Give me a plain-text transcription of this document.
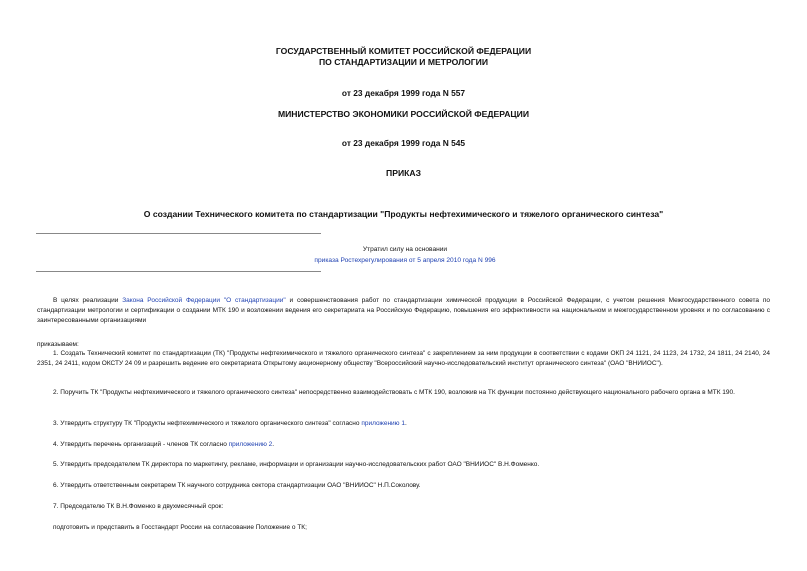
ГОСУДАРСТВЕННЫЙ КОМИТЕТ РОССИЙСКОЙ ФЕДЕРАЦИИ
ПО СТАНДАРТИЗАЦИИ И МЕТРОЛОГИИ
от 23 декабря 1999 года N 557
МИНИСТЕРСТВО ЭКОНОМИКИ РОССИЙСКОЙ ФЕДЕРАЦИИ
от 23 декабря 1999 года N 545
ПРИКАЗ
О создании Технического комитета по стандартизации "Продукты нефтехимического и тяжелого органического синтеза"
Утратил силу на основании
приказа Ростехрегулирования от 5 апреля 2010 года N 996
В целях реализации Закона Российской Федерации "О стандартизации" и совершенствования работ по стандартизации химической продукции в Российской Федерации, с учетом решения Межгосударственного совета по стандартизации метрологии и сертификации о создании МТК 190 и возложении ведения его секретариата на Российскую Федерацию, повышения его эффективности на национальном и межгосударственном уровнях и по согласованию с заинтересованными организациями
приказываем:
1. Создать Технический комитет по стандартизации (ТК) "Продукты нефтехимического и тяжелого органического синтеза" с закреплением за ним продукции в соответствии с кодами ОКП 24 1121, 24 1123, 24 1732, 24 1811, 24 2140, 24 2351, 24 2411, кодом ОКСТУ 24 09 и разрешить ведение его секретариата Открытому акционерному обществу "Всероссийский научно-исследовательский институт органического синтеза" (ОАО "ВНИИОС").
2. Поручить ТК "Продукты нефтехимического и тяжелого органического синтеза" непосредственно взаимодействовать с МТК 190, возложив на ТК функции постоянно действующего национального рабочего органа в МТК 190.
3. Утвердить структуру ТК "Продукты нефтехимического и тяжелого органического синтеза" согласно приложению 1.
4. Утвердить перечень организаций - членов ТК согласно приложению 2.
5. Утвердить председателем ТК директора по маркетингу, рекламе, информации и организации научно-исследовательских работ ОАО "ВНИИОС" В.Н.Фоменко.
6. Утвердить ответственным секретарем ТК научного сотрудника сектора стандартизации ОАО "ВНИИОС" Н.П.Соколову.
7. Председателю ТК В.Н.Фоменко в двухмесячный срок:
подготовить и представить в Госстандарт России на согласование Положение о ТК;
